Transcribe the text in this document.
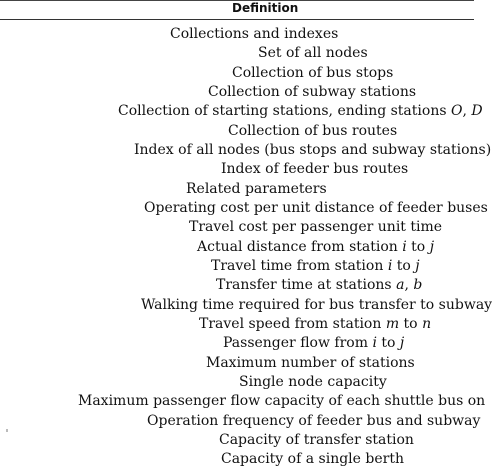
Definition
Collections and indexes
Set of all nodes
Collection of bus stops
Collection of subway stations
Collection of starting stations, ending stations O, D
Collection of bus routes
Index of all nodes (bus stops and subway stations)
Index of feeder bus routes
Related parameters
Operating cost per unit distance of feeder buses
Travel cost per passenger unit time
Actual distance from station i to j
Travel time from station i to j
Transfer time at stations a, b
Walking time required for bus transfer to subway
Travel speed from station m to n
Passenger flow from i to j
Maximum number of stations
Single node capacity
Maximum passenger flow capacity of each shuttle bus on
Operation frequency of feeder bus and subway
Capacity of transfer station
Capacity of a single berth
